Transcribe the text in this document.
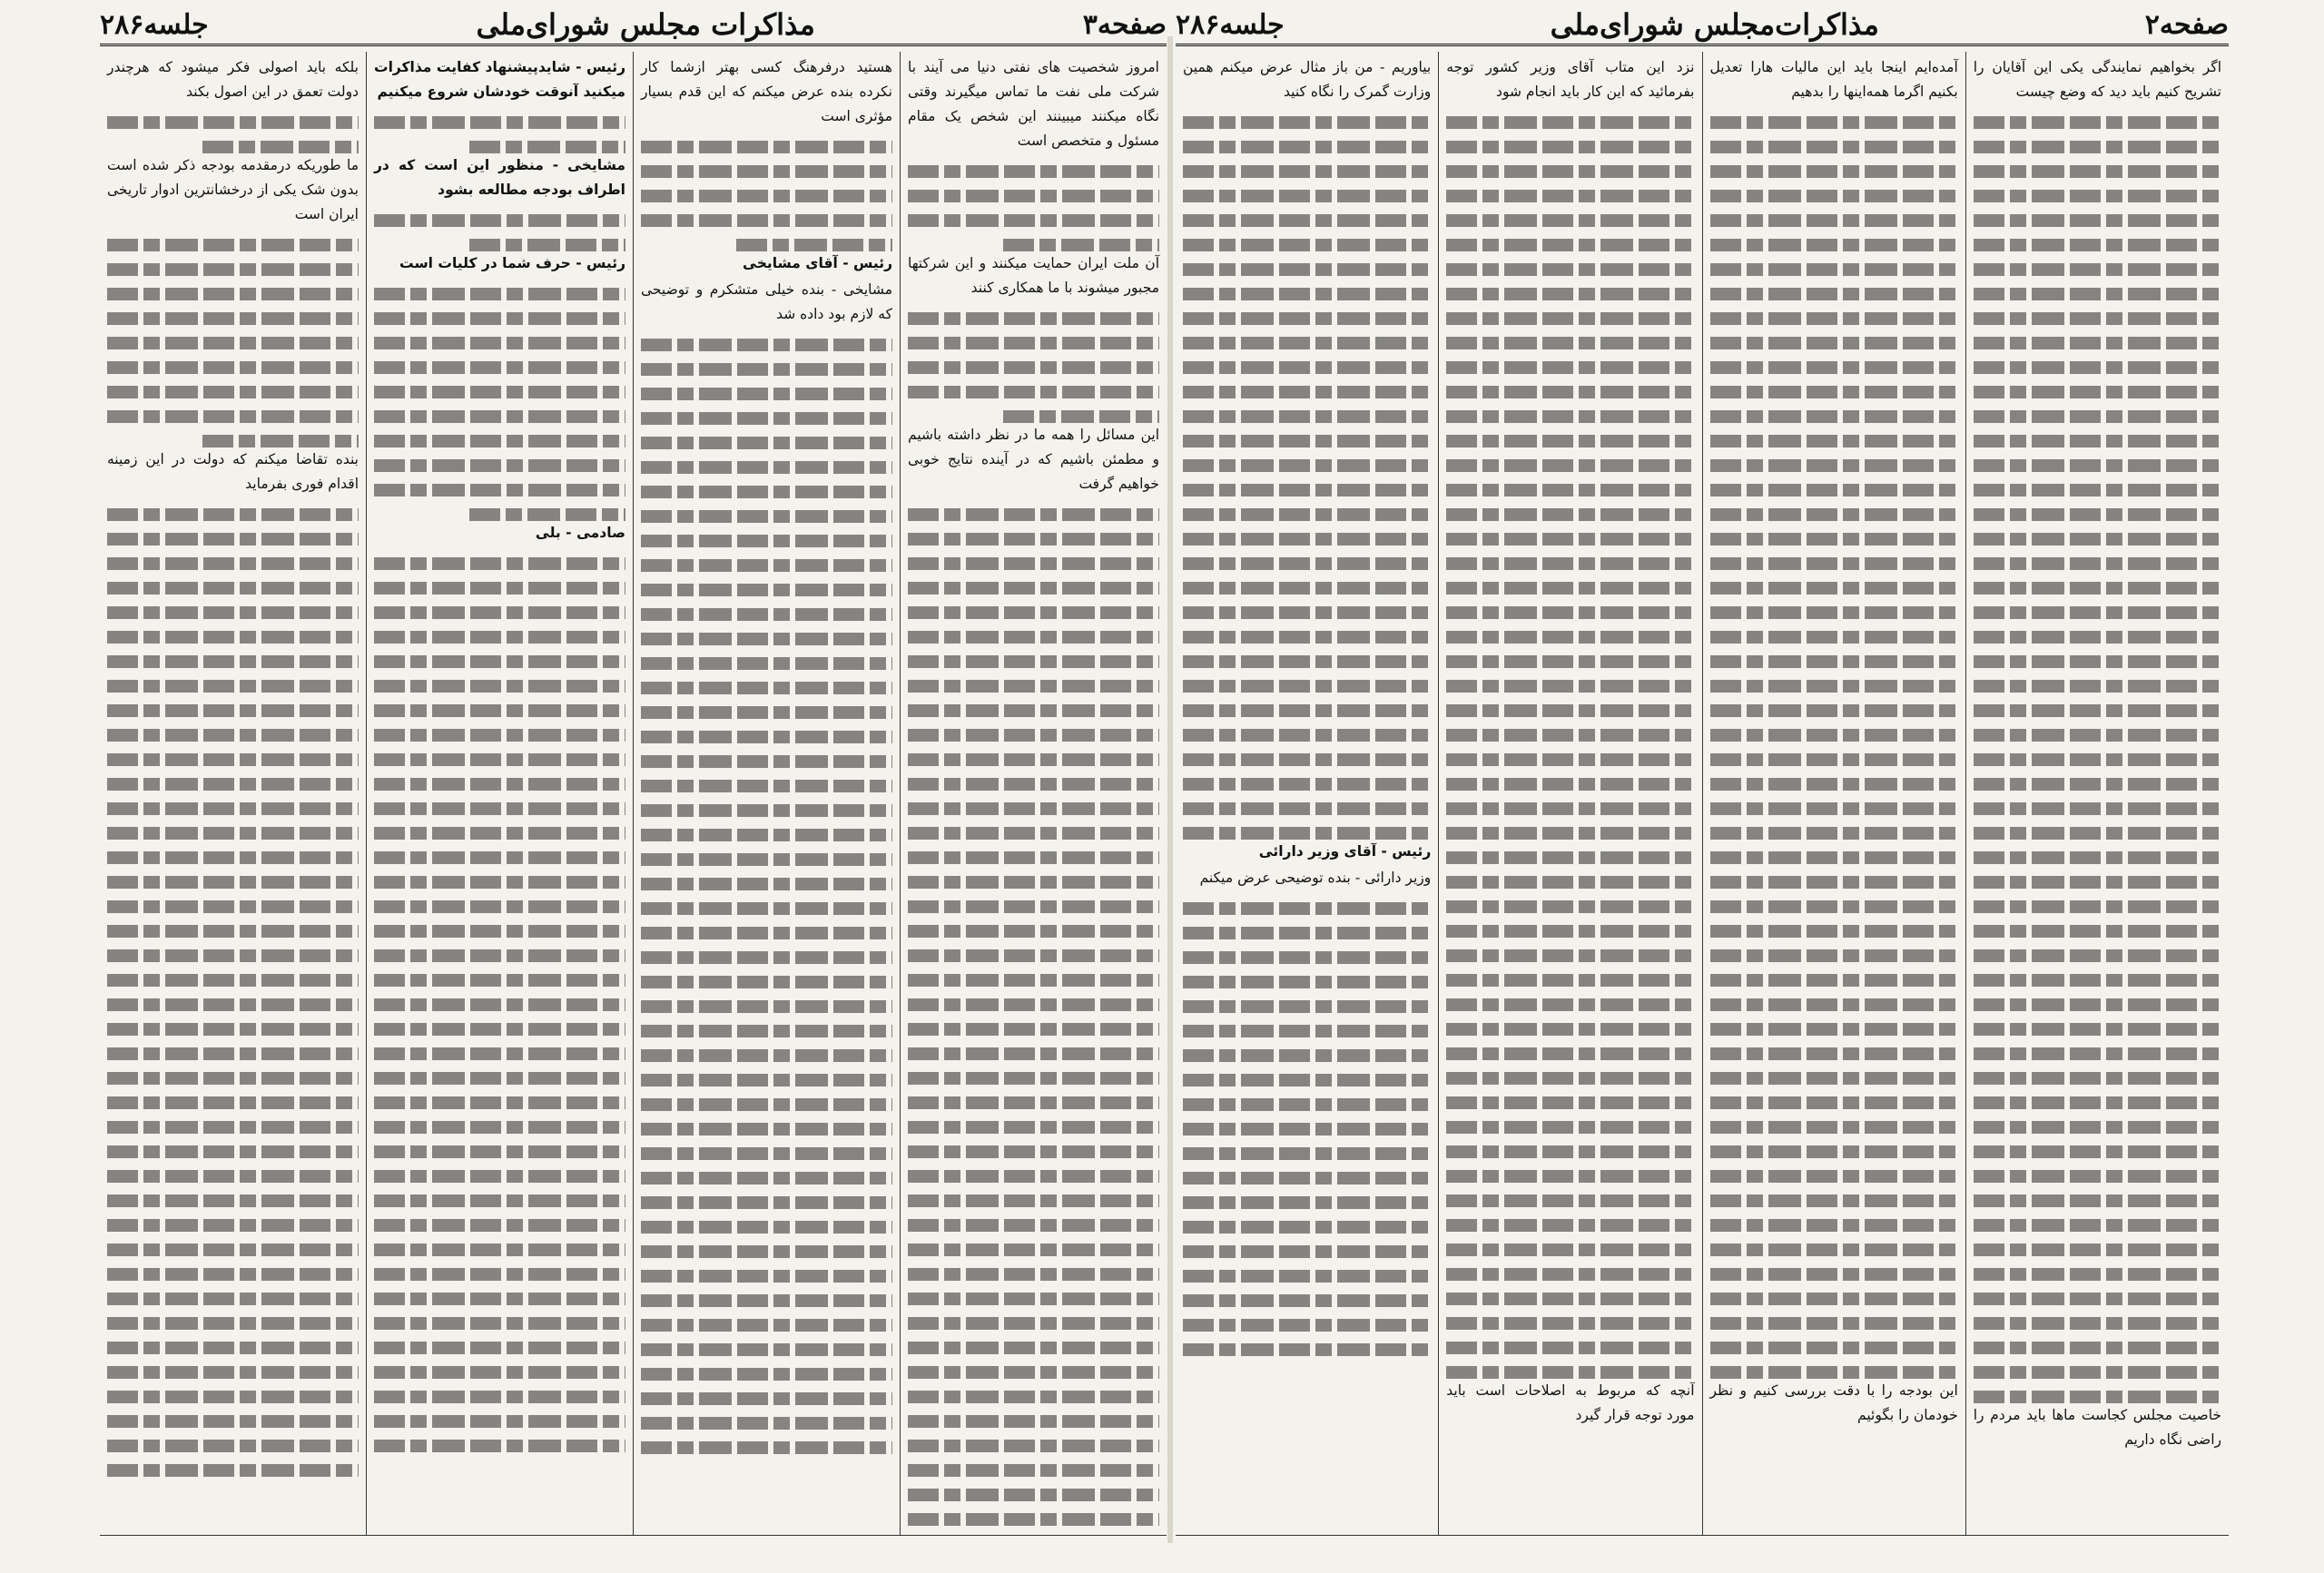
صفحه۳
مذاکرات مجلس شورای‌ملی
جلسه۲۸۶

امروز شخصیت های نفتی دنیا می آیند با شرکت ملی نفت ما تماس میگیرند وقتی نگاه میکنند میبینند این شخص یک مقام مسئول و متخصص است

آن ملت ایران حمایت میکنند و این شرکتها مجبور میشوند با ما همکاری کنند

این مسائل را همه ما در نظر داشته باشیم و مطمئن باشیم که در آینده نتایج خوبی خواهیم گرفت

هستید درفرهنگ کسی بهتر ازشما کار نکرده بنده عرض میکنم که این قدم بسیار مؤثری است

رئیس - آقای مشایخی

مشایخی - بنده خیلی متشکرم و توضیحی که لازم بود داده شد

رئیس - شایدپیشنهاد کفایت مذاکرات میکنید آنوقت خودشان شروع میکنیم

مشایخی - منظور این است که در اطراف بودجه مطالعه بشود

رئیس - حرف شما در کلیات است

صادمی - بلی

بلکه باید اصولی فکر میشود که هرچندر دولت تعمق در این اصول بکند

ما طوریکه درمقدمه بودجه ذکر شده است بدون شک یکی از درخشانترین ادوار تاریخی ایران است

بنده تقاضا میکنم که دولت در این زمینه اقدام فوری بفرماید

صفحه۲
مذاکرات‌مجلس شورای‌ملی
جلسه۲۸۶

اگر بخواهیم نمایندگی یکی این آقایان را تشریح کنیم باید دید که وضع چیست

خاصیت مجلس کجاست ماها باید مردم را راضی نگاه داریم

آمده‌ایم اینجا باید این مالیات هارا تعدیل بکنیم اگرما همه‌اینها را بدهیم

این بودجه را با دقت بررسی کنیم و نظر خودمان را بگوئیم

نزد این متاب آقای وزیر کشور توجه بفرمائید که این کار باید انجام شود

آنچه که مربوط به اصلاحات است باید مورد توجه قرار گیرد

بیاوریم - من باز مثال عرض میکنم همین وزارت گمرک را نگاه کنید

رئیس - آقای وزیر دارائی

وزیر دارائی - بنده توضیحی عرض میکنم
